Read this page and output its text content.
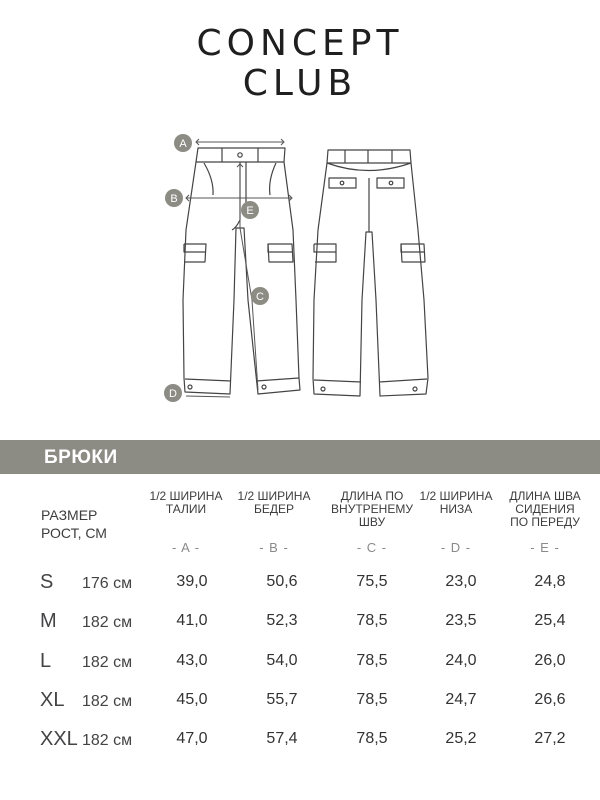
CONCEPT
CLUB
A
B
C
D
E
БРЮКИ
РАЗМЕР
РОСТ, СМ
1/2 ШИРИНА
ТАЛИИ
- A -
1/2 ШИРИНА
БЕДЕР
- B -
ДЛИНА ПО
ВНУТРЕНЕМУ
ШВУ
- C -
1/2 ШИРИНА
НИЗА
- D -
ДЛИНА ШВА
СИДЕНИЯ
ПО ПЕРЕДУ
- E -
S 176 см	39,0	50,6	75,5	23,0	24,8
M 182 см	41,0	52,3	78,5	23,5	25,4
L 182 см	43,0	54,0	78,5	24,0	26,0
XL 182 см	45,0	55,7	78,5	24,7	26,6
XXL 182 см	47,0	57,4	78,5	25,2	27,2
